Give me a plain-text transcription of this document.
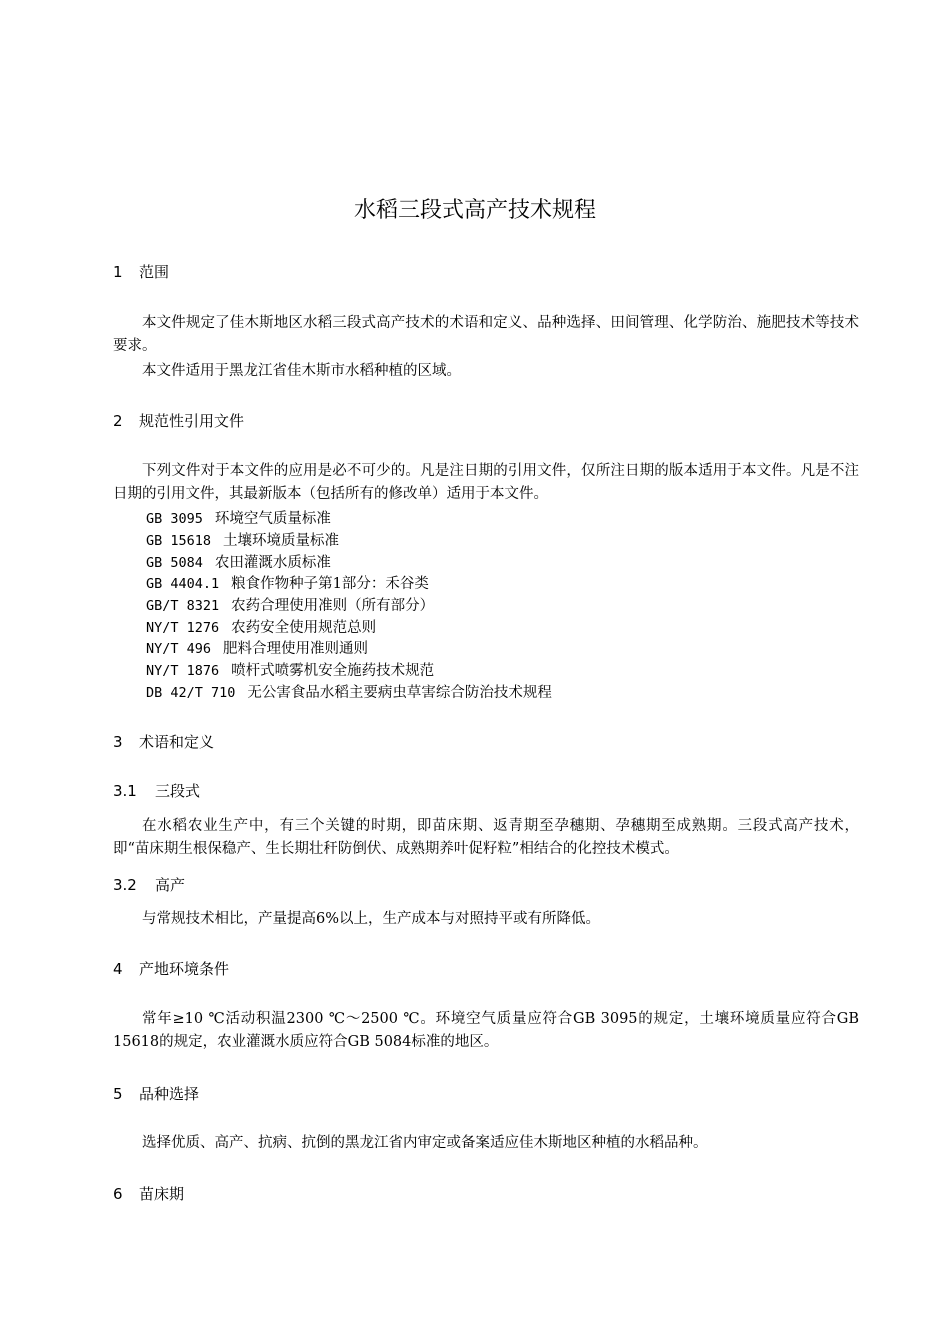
水稻三段式高产技术规程
1 范围
本文件规定了佳木斯地区水稻三段式高产技术的术语和定义、品种选择、田间管理、化学防治、施肥技术等技术要求。
本文件适用于黑龙江省佳木斯市水稻种植的区域。
2 规范性引用文件
下列文件对于本文件的应用是必不可少的。凡是注日期的引用文件，仅所注日期的版本适用于本文件。凡是不注日期的引用文件，其最新版本（包括所有的修改单）适用于本文件。
GB 3095 环境空气质量标准
GB 15618 土壤环境质量标准
GB 5084 农田灌溉水质标准
GB 4404.1 粮食作物种子第1部分：禾谷类
GB/T 8321 农药合理使用准则（所有部分）
NY/T 1276 农药安全使用规范总则
NY/T 496 肥料合理使用准则通则
NY/T 1876 喷杆式喷雾机安全施药技术规范
DB 42/T 710 无公害食品水稻主要病虫草害综合防治技术规程
3 术语和定义
3.1 三段式
在水稻农业生产中，有三个关键的时期，即苗床期、返青期至孕穗期、孕穗期至成熟期。三段式高产技术，即“苗床期生根保稳产、生长期壮秆防倒伏、成熟期养叶促籽粒”相结合的化控技术模式。
3.2 高产
与常规技术相比，产量提高6%以上，生产成本与对照持平或有所降低。
4 产地环境条件
常年≥10 ℃活动积温2300 ℃～2500 ℃。环境空气质量应符合GB 3095的规定，土壤环境质量应符合GB 15618的规定，农业灌溉水质应符合GB 5084标准的地区。
5 品种选择
选择优质、高产、抗病、抗倒的黑龙江省内审定或备案适应佳木斯地区种植的水稻品种。
6 苗床期
